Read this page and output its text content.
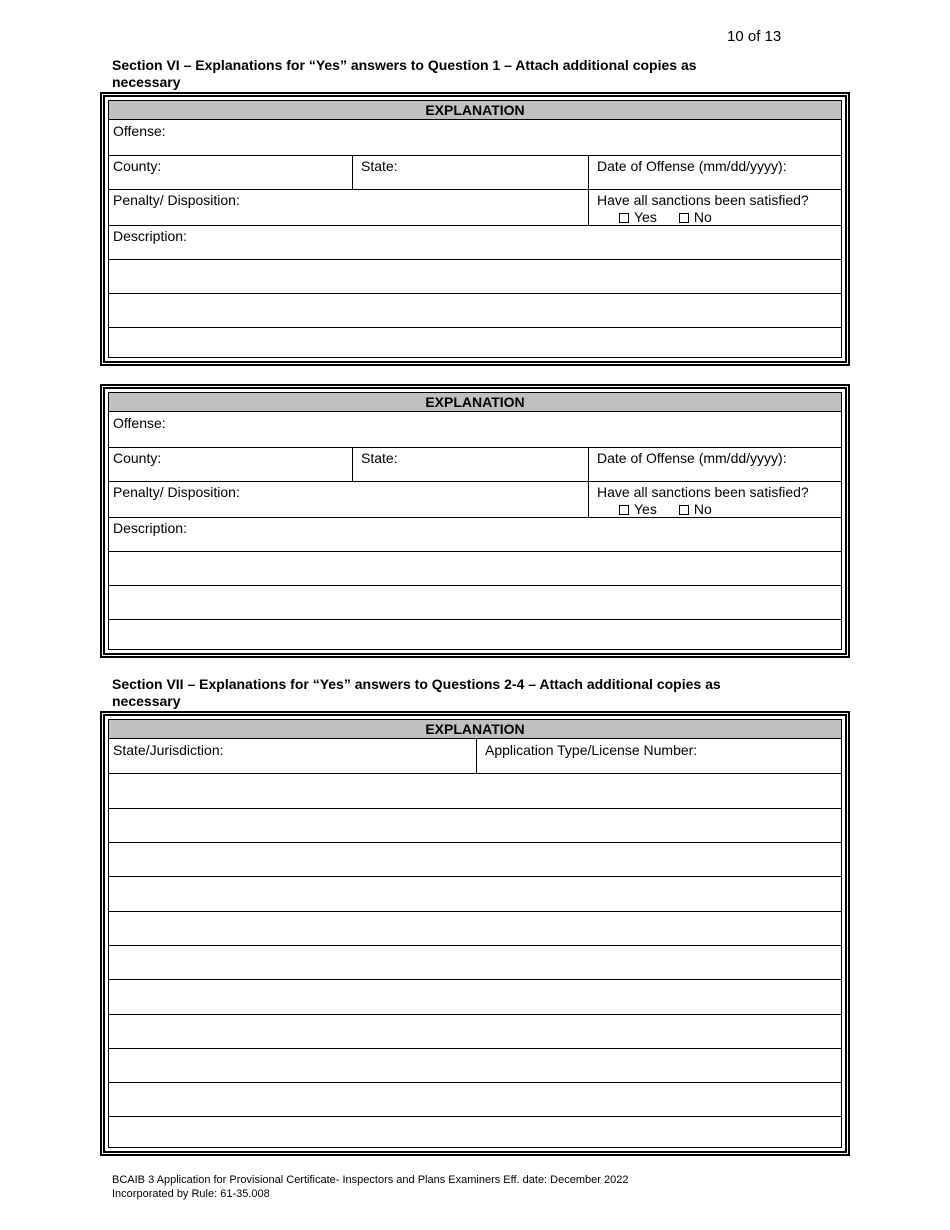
10 of 13
Section VI – Explanations for “Yes” answers to Question 1 – Attach additional copies as
necessary
EXPLANATION
Offense:
County:	State:	Date of Offense (mm/dd/yyyy):
Penalty/ Disposition:	Have all sanctions been satisfied?
Yes	No
Description:
EXPLANATION
Offense:
County:	State:	Date of Offense (mm/dd/yyyy):
Penalty/ Disposition:	Have all sanctions been satisfied?
Yes	No
Description:
Section VII – Explanations for “Yes” answers to Questions 2-4 – Attach additional copies as
necessary
EXPLANATION
State/Jurisdiction:	Application Type/License Number:
BCAIB 3 Application for Provisional Certificate- Inspectors and Plans Examiners Eff. date: December 2022
Incorporated by Rule: 61-35.008
